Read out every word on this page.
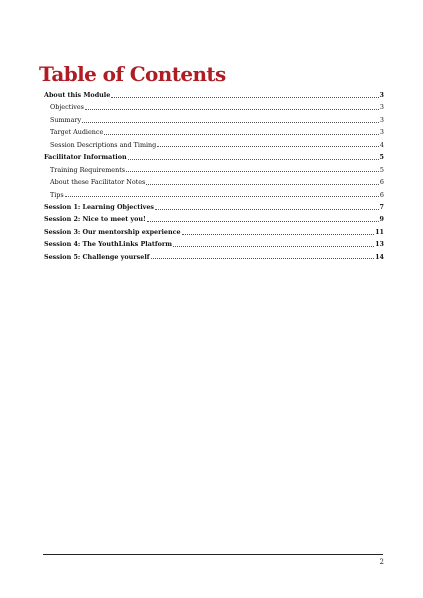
Table of Contents
About this Module	3
Objectives	3
Summary	3
Target Audience	3
Session Descriptions and Timing	4
Facilitator Information	5
Training Requirements	5
About these Facilitator Notes	6
Tips	6
Session 1: Learning Objectives	7
Session 2: Nice to meet you!	9
Session 3: Our mentorship experience	11
Session 4: The YouthLinks Platform	13
Session 5: Challenge yourself	14
2
